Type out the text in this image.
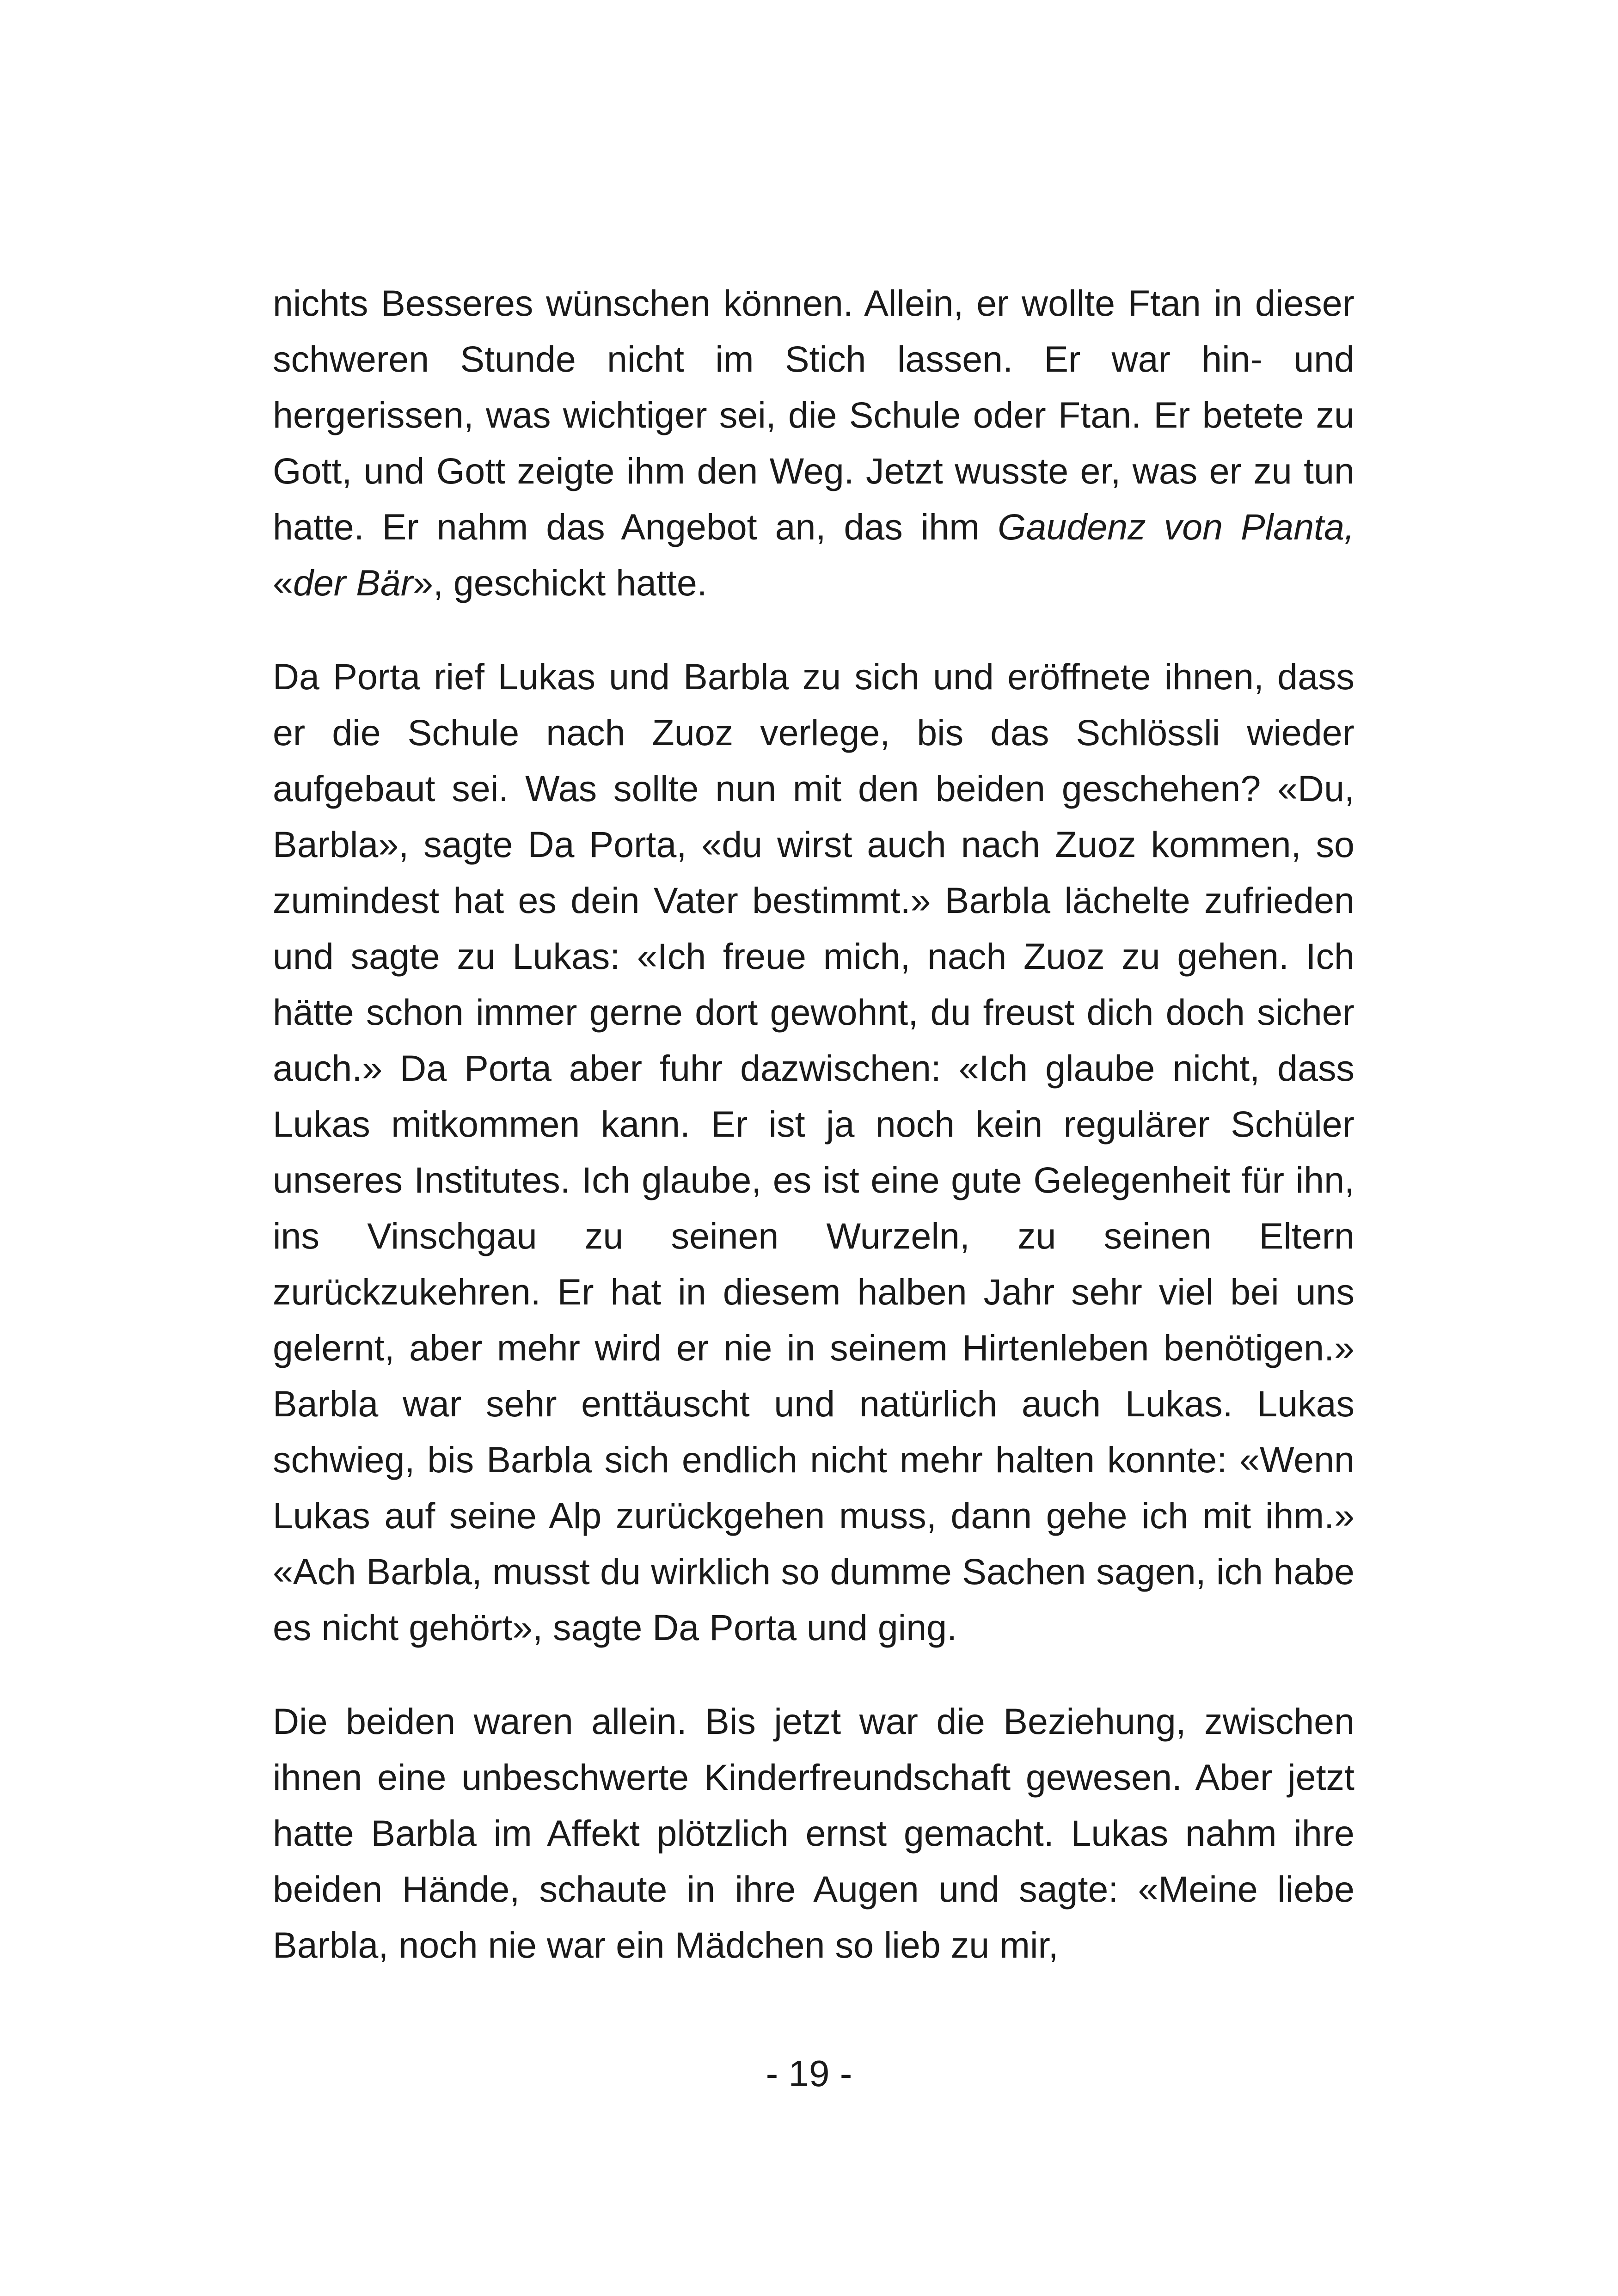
nichts Besseres wünschen können. Allein, er wollte Ftan in dieser schweren Stunde nicht im Stich lassen. Er war hin- und hergerissen, was wichtiger sei, die Schule oder Ftan. Er betete zu Gott, und Gott zeigte ihm den Weg. Jetzt wusste er, was er zu tun hatte. Er nahm das Angebot an, das ihm Gaudenz von Planta, «der Bär», geschickt hatte.

Da Porta rief Lukas und Barbla zu sich und eröffnete ihnen, dass er die Schule nach Zuoz verlege, bis das Schlössli wieder aufgebaut sei. Was sollte nun mit den beiden geschehen? «Du, Barbla», sagte Da Porta, «du wirst auch nach Zuoz kommen, so zumindest hat es dein Vater bestimmt.» Barbla lächelte zufrieden und sagte zu Lukas: «Ich freue mich, nach Zuoz zu gehen. Ich hätte schon immer gerne dort gewohnt, du freust dich doch sicher auch.» Da Porta aber fuhr dazwischen: «Ich glaube nicht, dass Lukas mitkommen kann. Er ist ja noch kein regulärer Schüler unseres Institutes. Ich glaube, es ist eine gute Gelegenheit für ihn, ins Vinschgau zu seinen Wurzeln, zu seinen Eltern zurückzukehren. Er hat in diesem halben Jahr sehr viel bei uns gelernt, aber mehr wird er nie in seinem Hirtenleben benötigen.» Barbla war sehr enttäuscht und natürlich auch Lukas. Lukas schwieg, bis Barbla sich endlich nicht mehr halten konnte: «Wenn Lukas auf seine Alp zurückgehen muss, dann gehe ich mit ihm.» «Ach Barbla, musst du wirklich so dumme Sachen sagen, ich habe es nicht gehört», sagte Da Porta und ging.

Die beiden waren allein. Bis jetzt war die Beziehung, zwischen ihnen eine unbeschwerte Kinderfreundschaft gewesen. Aber jetzt hatte Barbla im Affekt plötzlich ernst gemacht. Lukas nahm ihre beiden Hände, schaute in ihre Augen und sagte: «Meine liebe Barbla, noch nie war ein Mädchen so lieb zu mir,

- 19 -
